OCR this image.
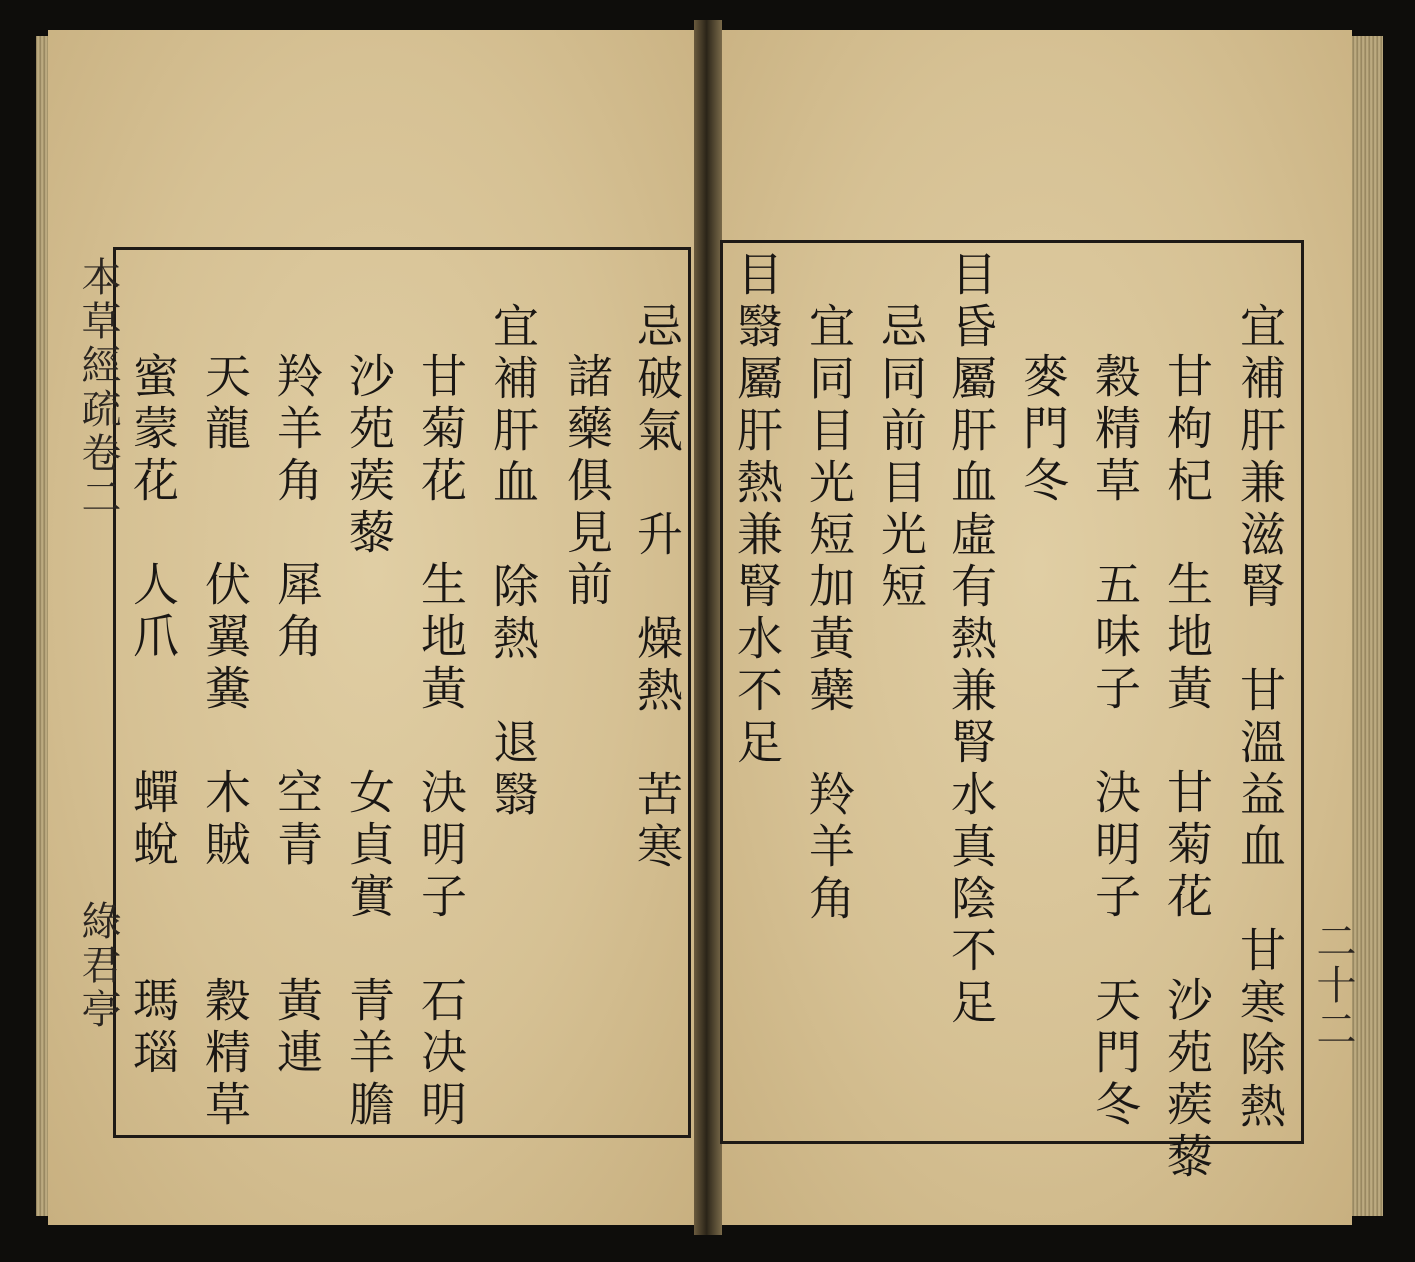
本草經疏卷二
綠君亭
忌破氣　升　燥熱　苦寒
諸藥俱見前
宜補肝血　除熱　退翳
甘菊花　生地黃　決明子　石决明
沙苑蒺藜　　　　女貞實　青羊膽
羚羊角　犀角　　空青　　黃連
天龍　　伏翼糞　木賊　　穀精草
蜜蒙花　人爪　　蟬蛻　　瑪瑙	宜補肝兼滋腎　甘溫益血　甘寒除熱
甘枸杞　生地黃　甘菊花　沙苑蒺藜
穀精草　五味子　決明子　天門冬
麥門冬
忌同前目光短 目昏屬肝血虛有熱兼腎水真陰不足
宜同目光短加黃蘗　羚羊角
目翳屬肝熱兼腎水不足
二十二
